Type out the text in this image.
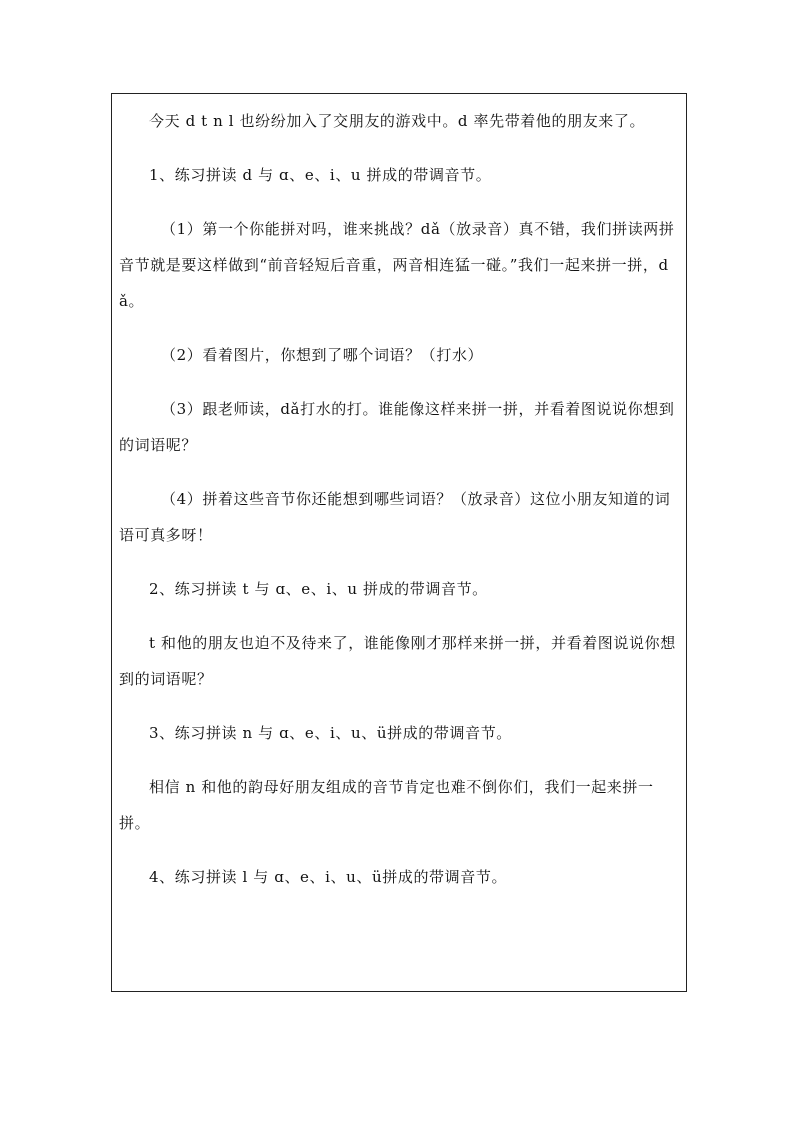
今天 d t n l 也纷纷加入了交朋友的游戏中。d 率先带着他的朋友来了。

1、练习拼读 d 与 ɑ、e、i、u 拼成的带调音节。

（1）第一个你能拼对吗，谁来挑战？dǎ（放录音）真不错，我们拼读两拼音节就是要这样做到“前音轻短后音重，两音相连猛一碰。”我们一起来拼一拼，dǎ。

（2）看着图片，你想到了哪个词语？（打水）

（3）跟老师读，dǎ打水的打。谁能像这样来拼一拼，并看着图说说你想到的词语呢？

（4）拼着这些音节你还能想到哪些词语？（放录音）这位小朋友知道的词语可真多呀！

2、练习拼读 t 与 ɑ、e、i、u 拼成的带调音节。

t 和他的朋友也迫不及待来了，谁能像刚才那样来拼一拼，并看着图说说你想到的词语呢？

3、练习拼读 n 与 ɑ、e、i、u、ü拼成的带调音节。

相信 n 和他的韵母好朋友组成的音节肯定也难不倒你们，我们一起来拼一拼。

4、练习拼读 l 与 ɑ、e、i、u、ü拼成的带调音节。
